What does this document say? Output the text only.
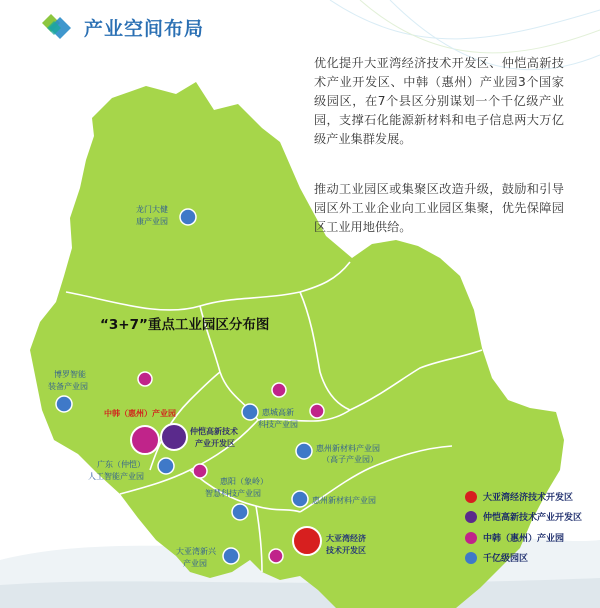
产业空间布局
“3+7”重点工业园区分布图
龙门大健
康产业园
博罗智能
装备产业园
中韩（惠州）产业园
仲恺高新技术
产业开发区
惠城高新
科技产业园
惠州新材料产业园
（高子产业园）
广东（仲恺）
人工智能产业园
惠阳（象岭）
智慧科技产业园
惠州新材料产业园
大亚湾新兴
产业园
大亚湾经济
技术开发区
大亚湾经济技术开发区
仲恺高新技术产业开发区
中韩（惠州）产业园
千亿级园区
优化提升大亚湾经济技术开发区、仲恺高新技术产业开发区、中韩（惠州）产业园3个国家级园区，在7个县区分别谋划一个千亿级产业园，支撑石化能源新材料和电子信息两大万亿级产业集群发展。
推动工业园区或集聚区改造升级，鼓励和引导园区外工业企业向工业园区集聚，优先保障园区工业用地供给。
